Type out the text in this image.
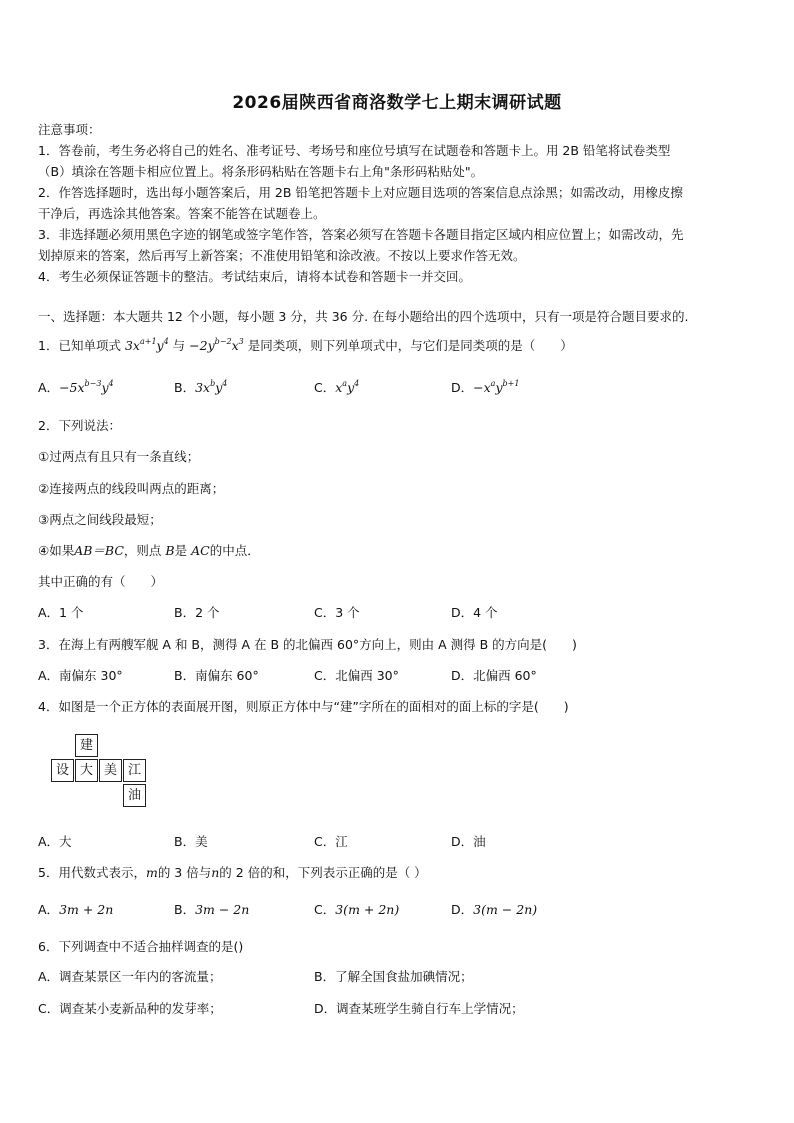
2026届陕西省商洛数学七上期末调研试题
注意事项：
1．答卷前，考生务必将自己的姓名、准考证号、考场号和座位号填写在试题卷和答题卡上。用 2B 铅笔将试卷类型
（B）填涂在答题卡相应位置上。将条形码粘贴在答题卡右上角"条形码粘贴处"。
2．作答选择题时，选出每小题答案后，用 2B 铅笔把答题卡上对应题目选项的答案信息点涂黑；如需改动，用橡皮擦
干净后，再选涂其他答案。答案不能答在试题卷上。
3．非选择题必须用黑色字迹的钢笔或签字笔作答，答案必须写在答题卡各题目指定区域内相应位置上；如需改动，先
划掉原来的答案，然后再写上新答案；不准使用铅笔和涂改液。不按以上要求作答无效。
4．考生必须保证答题卡的整洁。考试结束后，请将本试卷和答题卡一并交回。
一、选择题：本大题共 12 个小题，每小题 3 分，共 36 分. 在每小题给出的四个选项中，只有一项是符合题目要求的.
1．已知单项式 $3x^{a+1}y^4$ 与 $-2y^{b-2}x^3$ 是同类项，则下列单项式中，与它们是同类项的是（　　）
A．$-5x^{b-3}y^4$	B．$3x^by^4$	C．$x^ay^4$	D．$-x^ay^{b+1}$
2．下列说法：
①过两点有且只有一条直线；
②连接两点的线段叫两点的距离；
③两点之间线段最短；
④如果AB＝BC，则点 B是 AC的中点．
其中正确的有（　　）
A．1 个	B．2 个	C．3 个	D．4 个
3．在海上有两艘军舰 A 和 B，测得 A 在 B 的北偏西 60°方向上，则由 A 测得 B 的方向是(　　)
A．南偏东 30°	B．南偏东 60°	C．北偏西 30°	D．北偏西 60°
4．如图是一个正方体的表面展开图，则原正方体中与“建”字所在的面相对的面上标的字是(　　)
建
设 大 美 江
油
A．大	B．美	C．江	D．油
5．用代数式表示，m的 3 倍与n的 2 倍的和，下列表示正确的是（ ）
A．3m + 2n	B．3m − 2n	C．3(m + 2n)	D．3(m − 2n)
6．下列调查中不适合抽样调查的是()
A．调查某景区一年内的客流量；	B．了解全国食盐加碘情况；
C．调查某小麦新品种的发芽率；	D．调查某班学生骑自行车上学情况；
